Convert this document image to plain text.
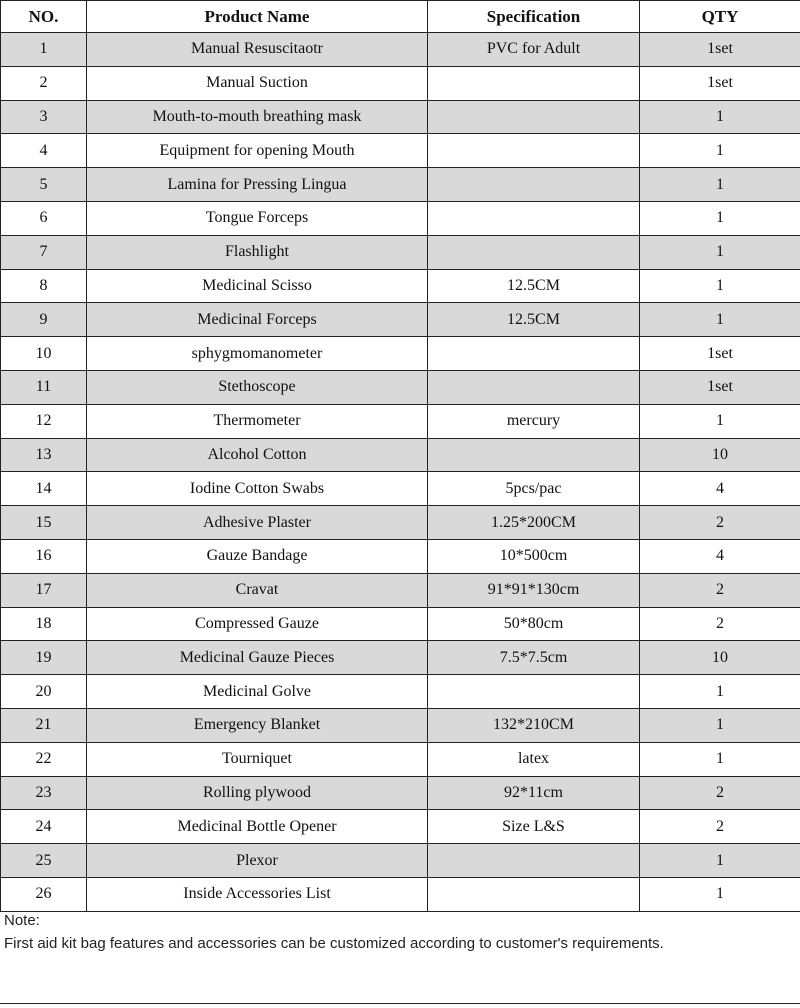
NO.	Product Name	Specification	QTY
1	Manual Resuscitaotr	PVC for Adult	1set
2	Manual Suction		1set
3	Mouth-to-mouth breathing mask		1
4	Equipment for opening Mouth		1
5	Lamina for Pressing Lingua		1
6	Tongue Forceps		1
7	Flashlight		1
8	Medicinal Scisso	12.5CM	1
9	Medicinal Forceps	12.5CM	1
10	sphygmomanometer		1set
11	Stethoscope		1set
12	Thermometer	mercury	1
13	Alcohol Cotton		10
14	Iodine Cotton Swabs	5pcs/pac	4
15	Adhesive Plaster	1.25*200CM	2
16	Gauze Bandage	10*500cm	4
17	Cravat	91*91*130cm	2
18	Compressed Gauze	50*80cm	2
19	Medicinal Gauze Pieces	7.5*7.5cm	10
20	Medicinal Golve		1
21	Emergency Blanket	132*210CM	1
22	Tourniquet	latex	1
23	Rolling plywood	92*11cm	2
24	Medicinal Bottle Opener	Size L&S	2
25	Plexor		1
26	Inside Accessories List		1
Note:
First aid kit bag features and accessories can be customized according to customer's requirements.
